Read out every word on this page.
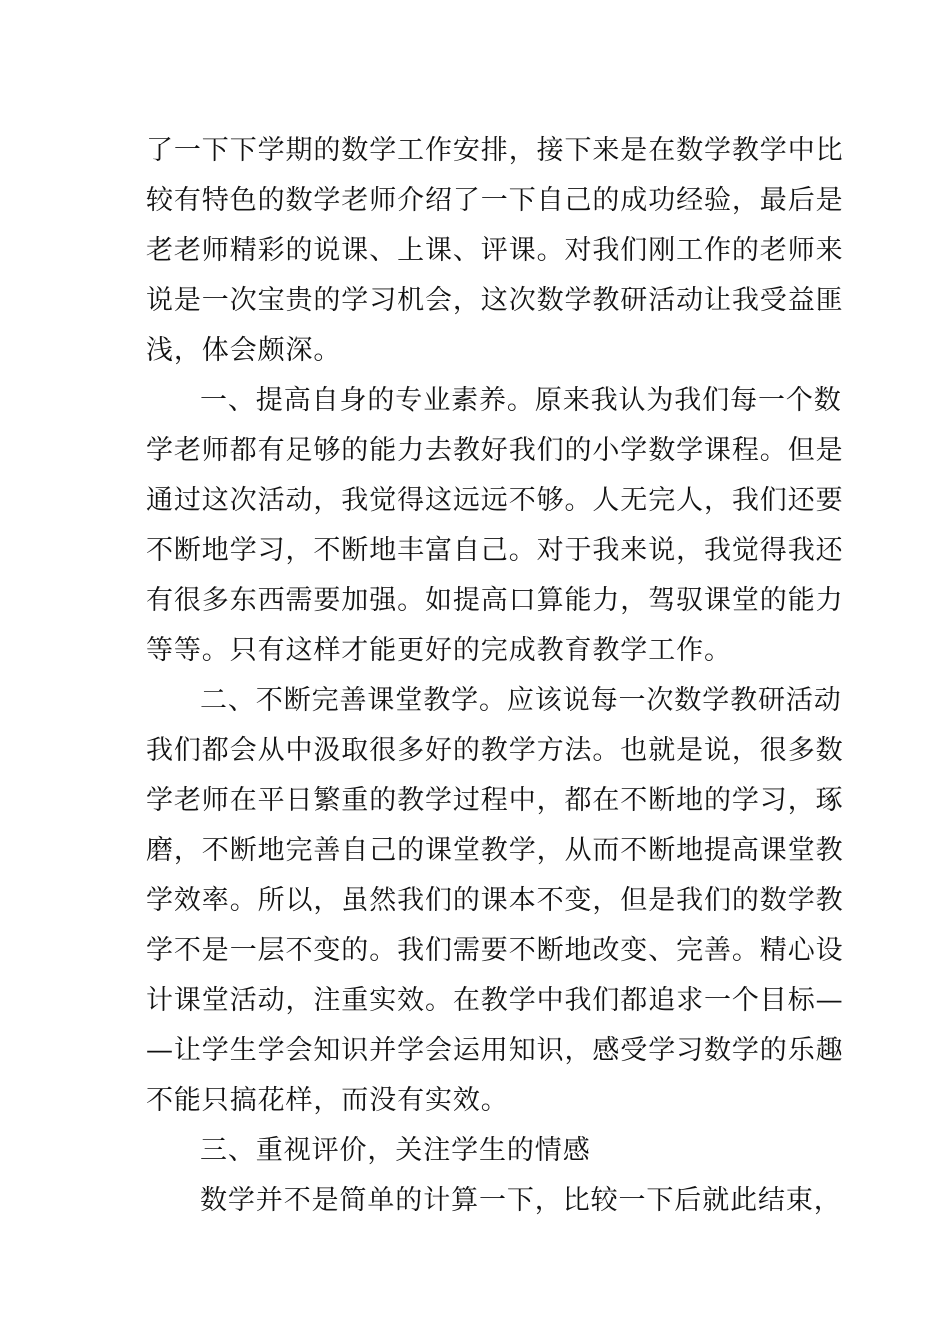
了一下下学期的数学工作安排，接下来是在数学教学中比
较有特色的数学老师介绍了一下自己的成功经验，最后是
老老师精彩的说课、上课、评课。对我们刚工作的老师来
说是一次宝贵的学习机会，这次数学教研活动让我受益匪
浅，体会颇深。
一、提高自身的专业素养。原来我认为我们每一个数
学老师都有足够的能力去教好我们的小学数学课程。但是
通过这次活动，我觉得这远远不够。人无完人，我们还要
不断地学习，不断地丰富自己。对于我来说，我觉得我还
有很多东西需要加强。如提高口算能力，驾驭课堂的能力
等等。只有这样才能更好的完成教育教学工作。
二、不断完善课堂教学。应该说每一次数学教研活动
我们都会从中汲取很多好的教学方法。也就是说，很多数
学老师在平日繁重的教学过程中，都在不断地的学习，琢
磨，不断地完善自己的课堂教学，从而不断地提高课堂教
学效率。所以，虽然我们的课本不变，但是我们的数学教
学不是一层不变的。我们需要不断地改变、完善。精心设
计课堂活动，注重实效。在教学中我们都追求一个目标—
—让学生学会知识并学会运用知识，感受学习数学的乐趣
不能只搞花样，而没有实效。
三、重视评价，关注学生的情感
数学并不是简单的计算一下，比较一下后就此结束，
